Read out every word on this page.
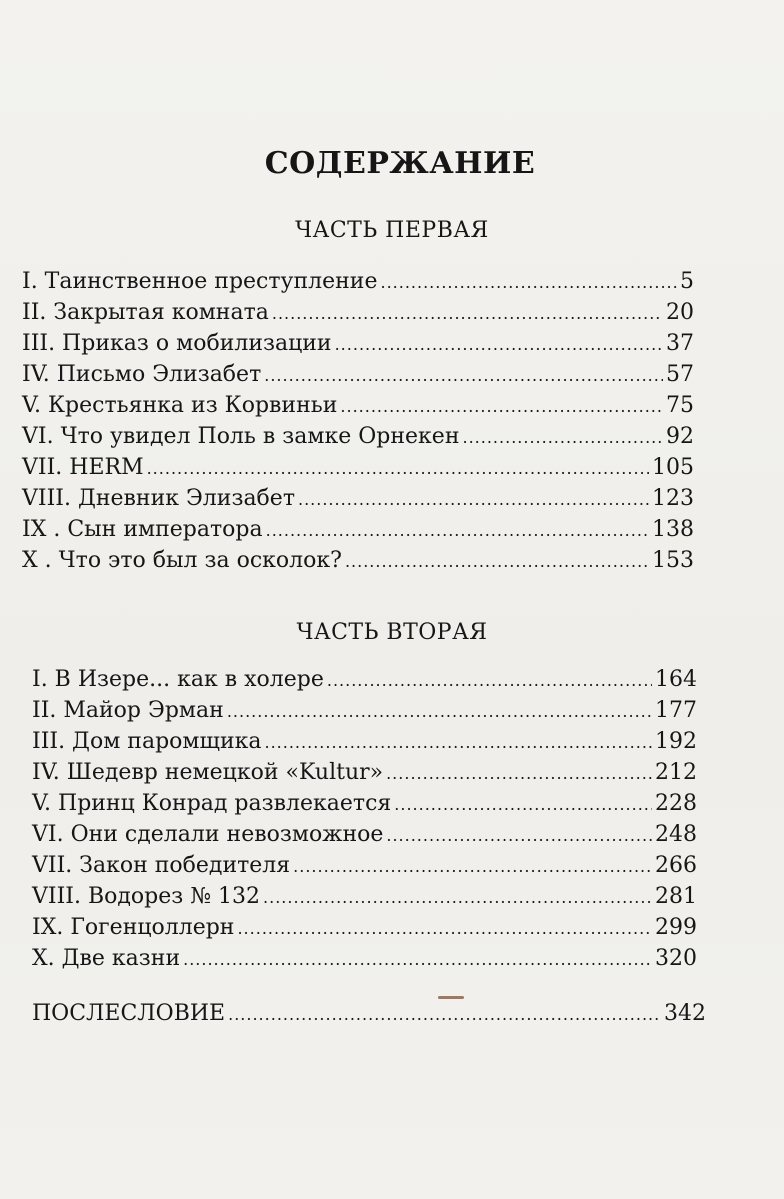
СОДЕРЖАНИЕ
ЧАСТЬ ПЕРВАЯ
I. Таинственное преступление .....	5
II. Закрытая комната .....	20
III. Приказ о мобилизации .....	37
IV. Письмо Элизабет .....	57
V. Крестьянка из Корвиньи .....	75
VI. Что увидел Поль в замке Орнекен .....	92
VII. HERM .....	105
VIII. Дневник Элизабет .....	123
IX . Сын императора .....	138
X . Что это был за осколок? .....	153
ЧАСТЬ ВТОРАЯ
I. В Изере... как в холере .....	164
II. Майор Эрман .....	177
III. Дом паромщика .....	192
IV. Шедевр немецкой «Kultur» .....	212
V. Принц Конрад развлекается .....	228
VI. Они сделали невозможное .....	248
VII. Закон победителя .....	266
VIII. Водорез № 132 .....	281
IX. Гогенцоллерн .....	299
X. Две казни .....	320

ПОСЛЕСЛОВИЕ .....	342
